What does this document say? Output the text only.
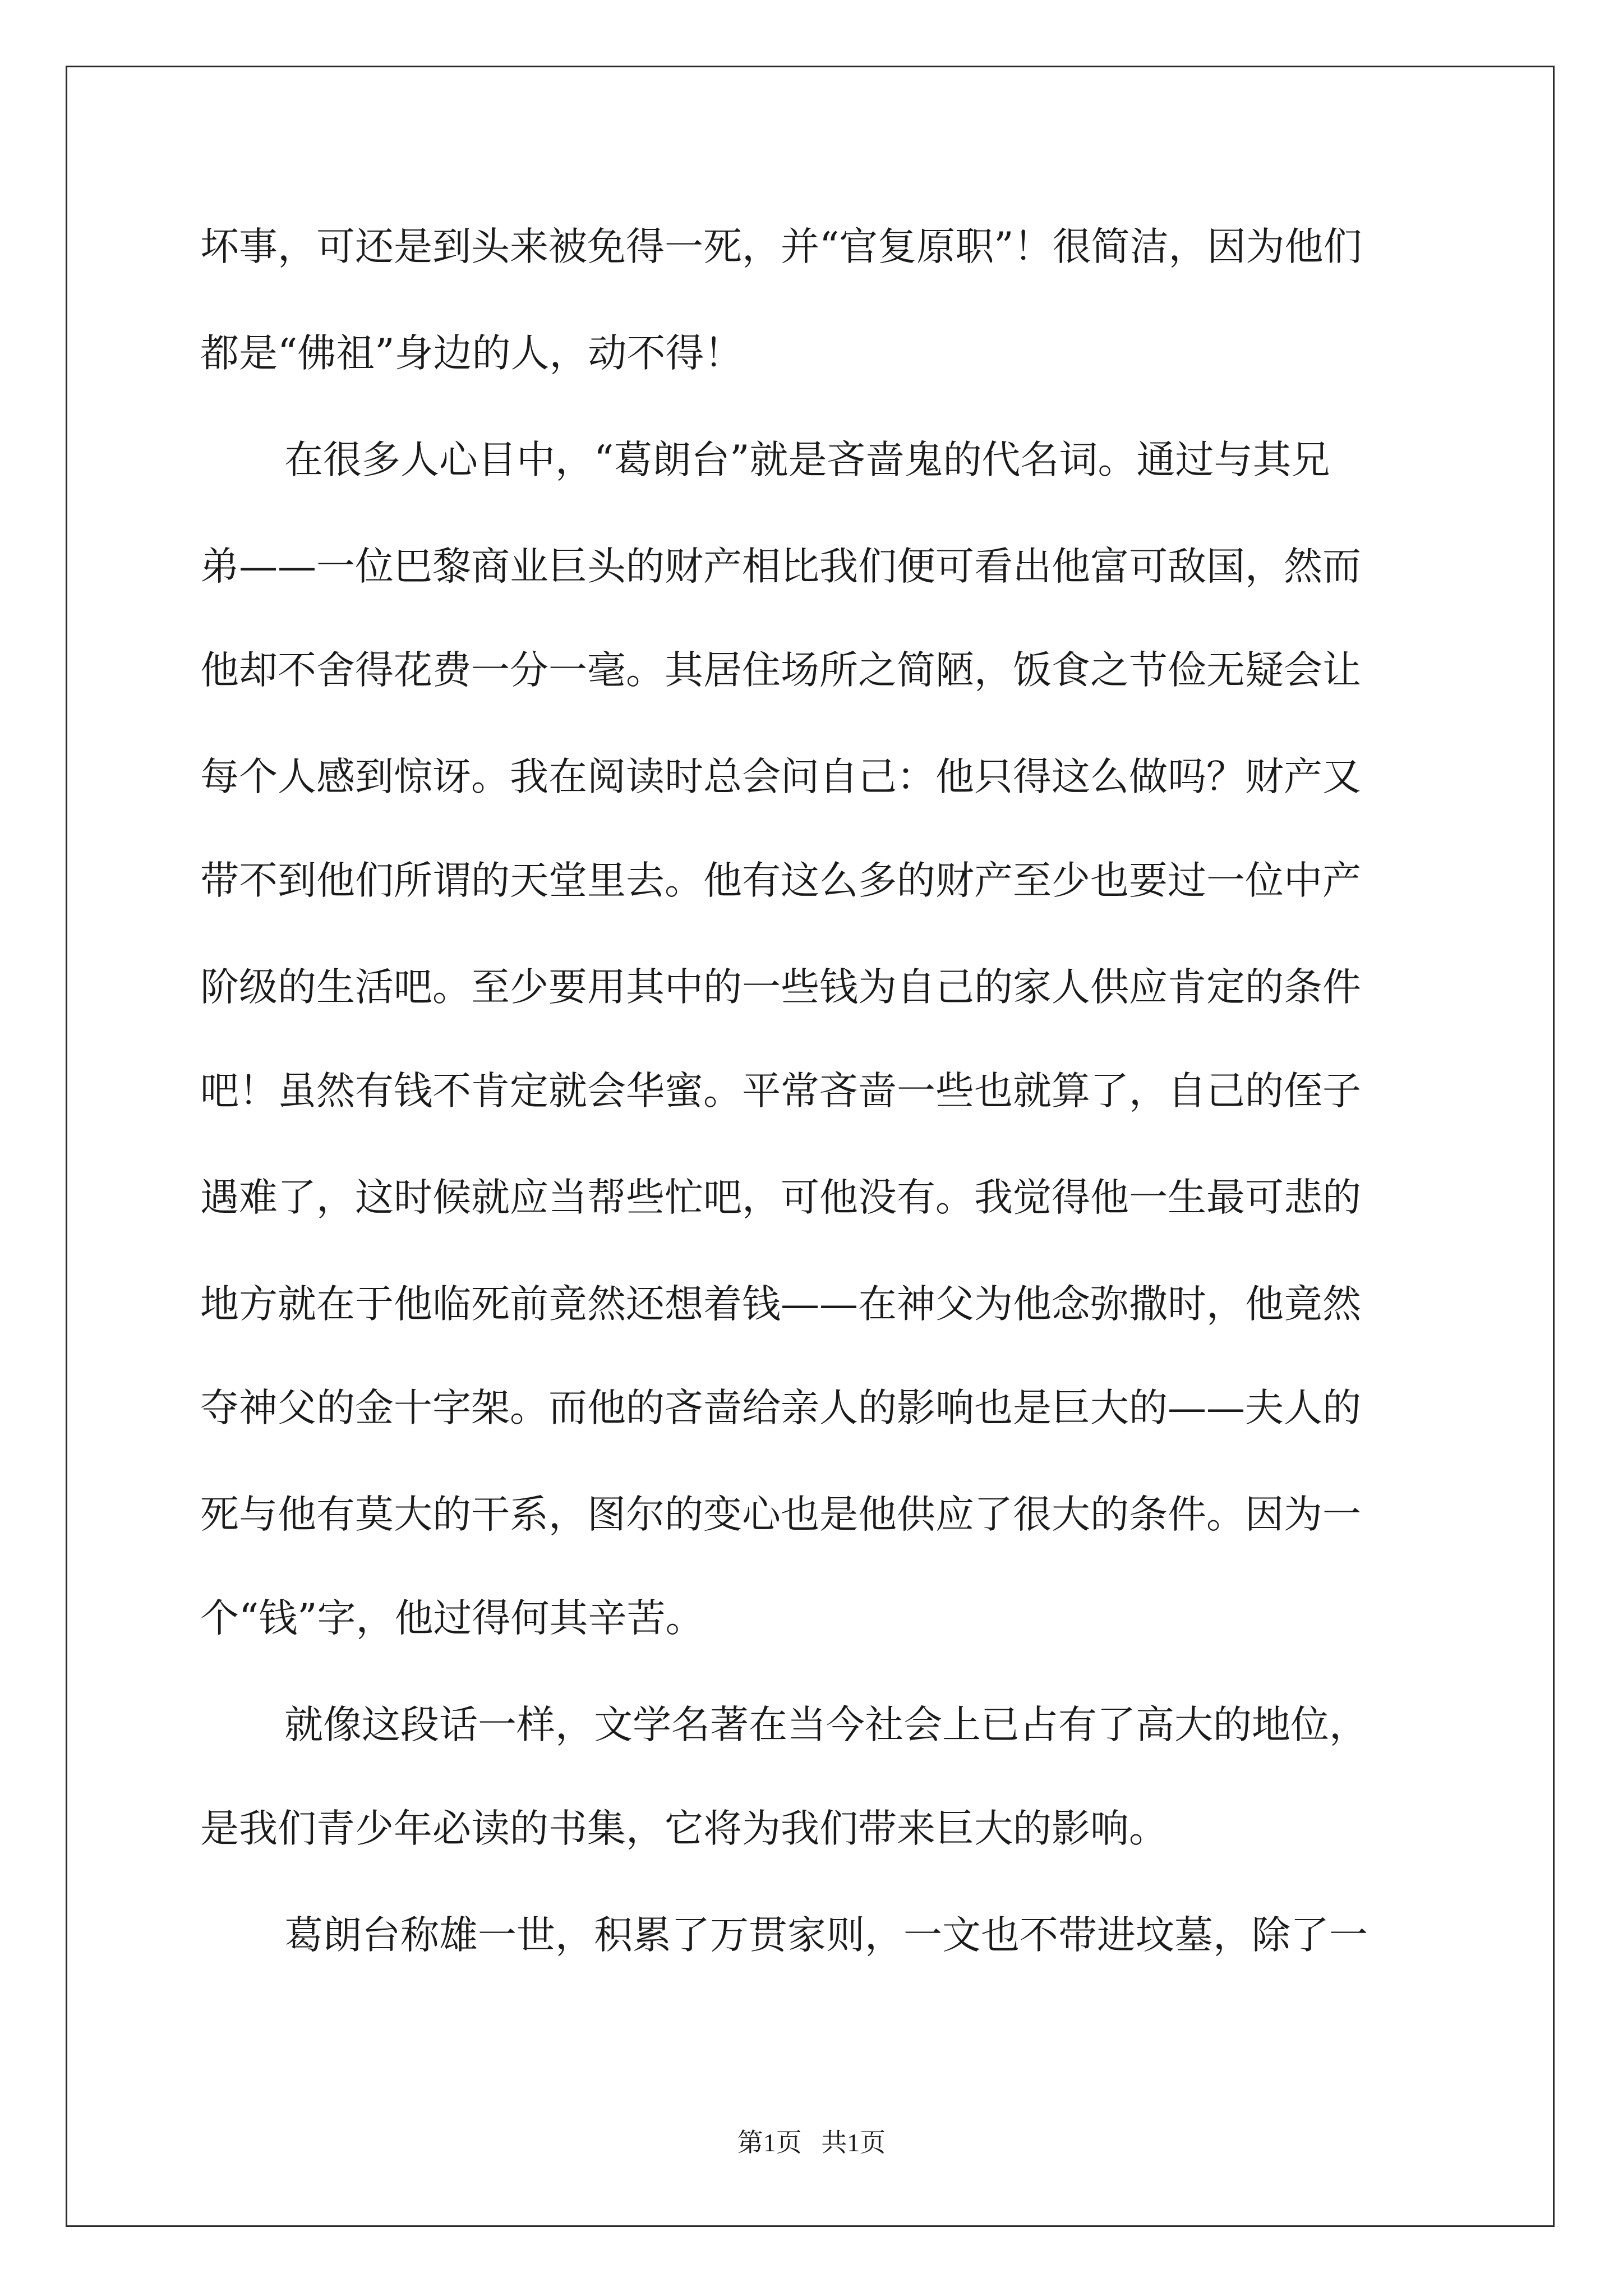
坏事，可还是到头来被免得一死，并“官复原职”！很简洁，因为他们
都是“佛祖”身边的人，动不得！
在很多人心目中，“葛朗台”就是吝啬鬼的代名词。通过与其兄
弟——一位巴黎商业巨头的财产相比我们便可看出他富可敌国，然而
他却不舍得花费一分一毫。其居住场所之简陋，饭食之节俭无疑会让
每个人感到惊讶。我在阅读时总会问自己：他只得这么做吗？财产又
带不到他们所谓的天堂里去。他有这么多的财产至少也要过一位中产
阶级的生活吧。至少要用其中的一些钱为自己的家人供应肯定的条件
吧！虽然有钱不肯定就会华蜜。平常吝啬一些也就算了，自己的侄子
遇难了，这时候就应当帮些忙吧，可他没有。我觉得他一生最可悲的
地方就在于他临死前竟然还想着钱——在神父为他念弥撒时，他竟然
夺神父的金十字架。而他的吝啬给亲人的影响也是巨大的——夫人的
死与他有莫大的干系，图尔的变心也是他供应了很大的条件。因为一
个“钱”字，他过得何其辛苦。
就像这段话一样，文学名著在当今社会上已占有了高大的地位，
是我们青少年必读的书集，它将为我们带来巨大的影响。
葛朗台称雄一世，积累了万贯家则，一文也不带进坟墓，除了一
第1页 共1页
